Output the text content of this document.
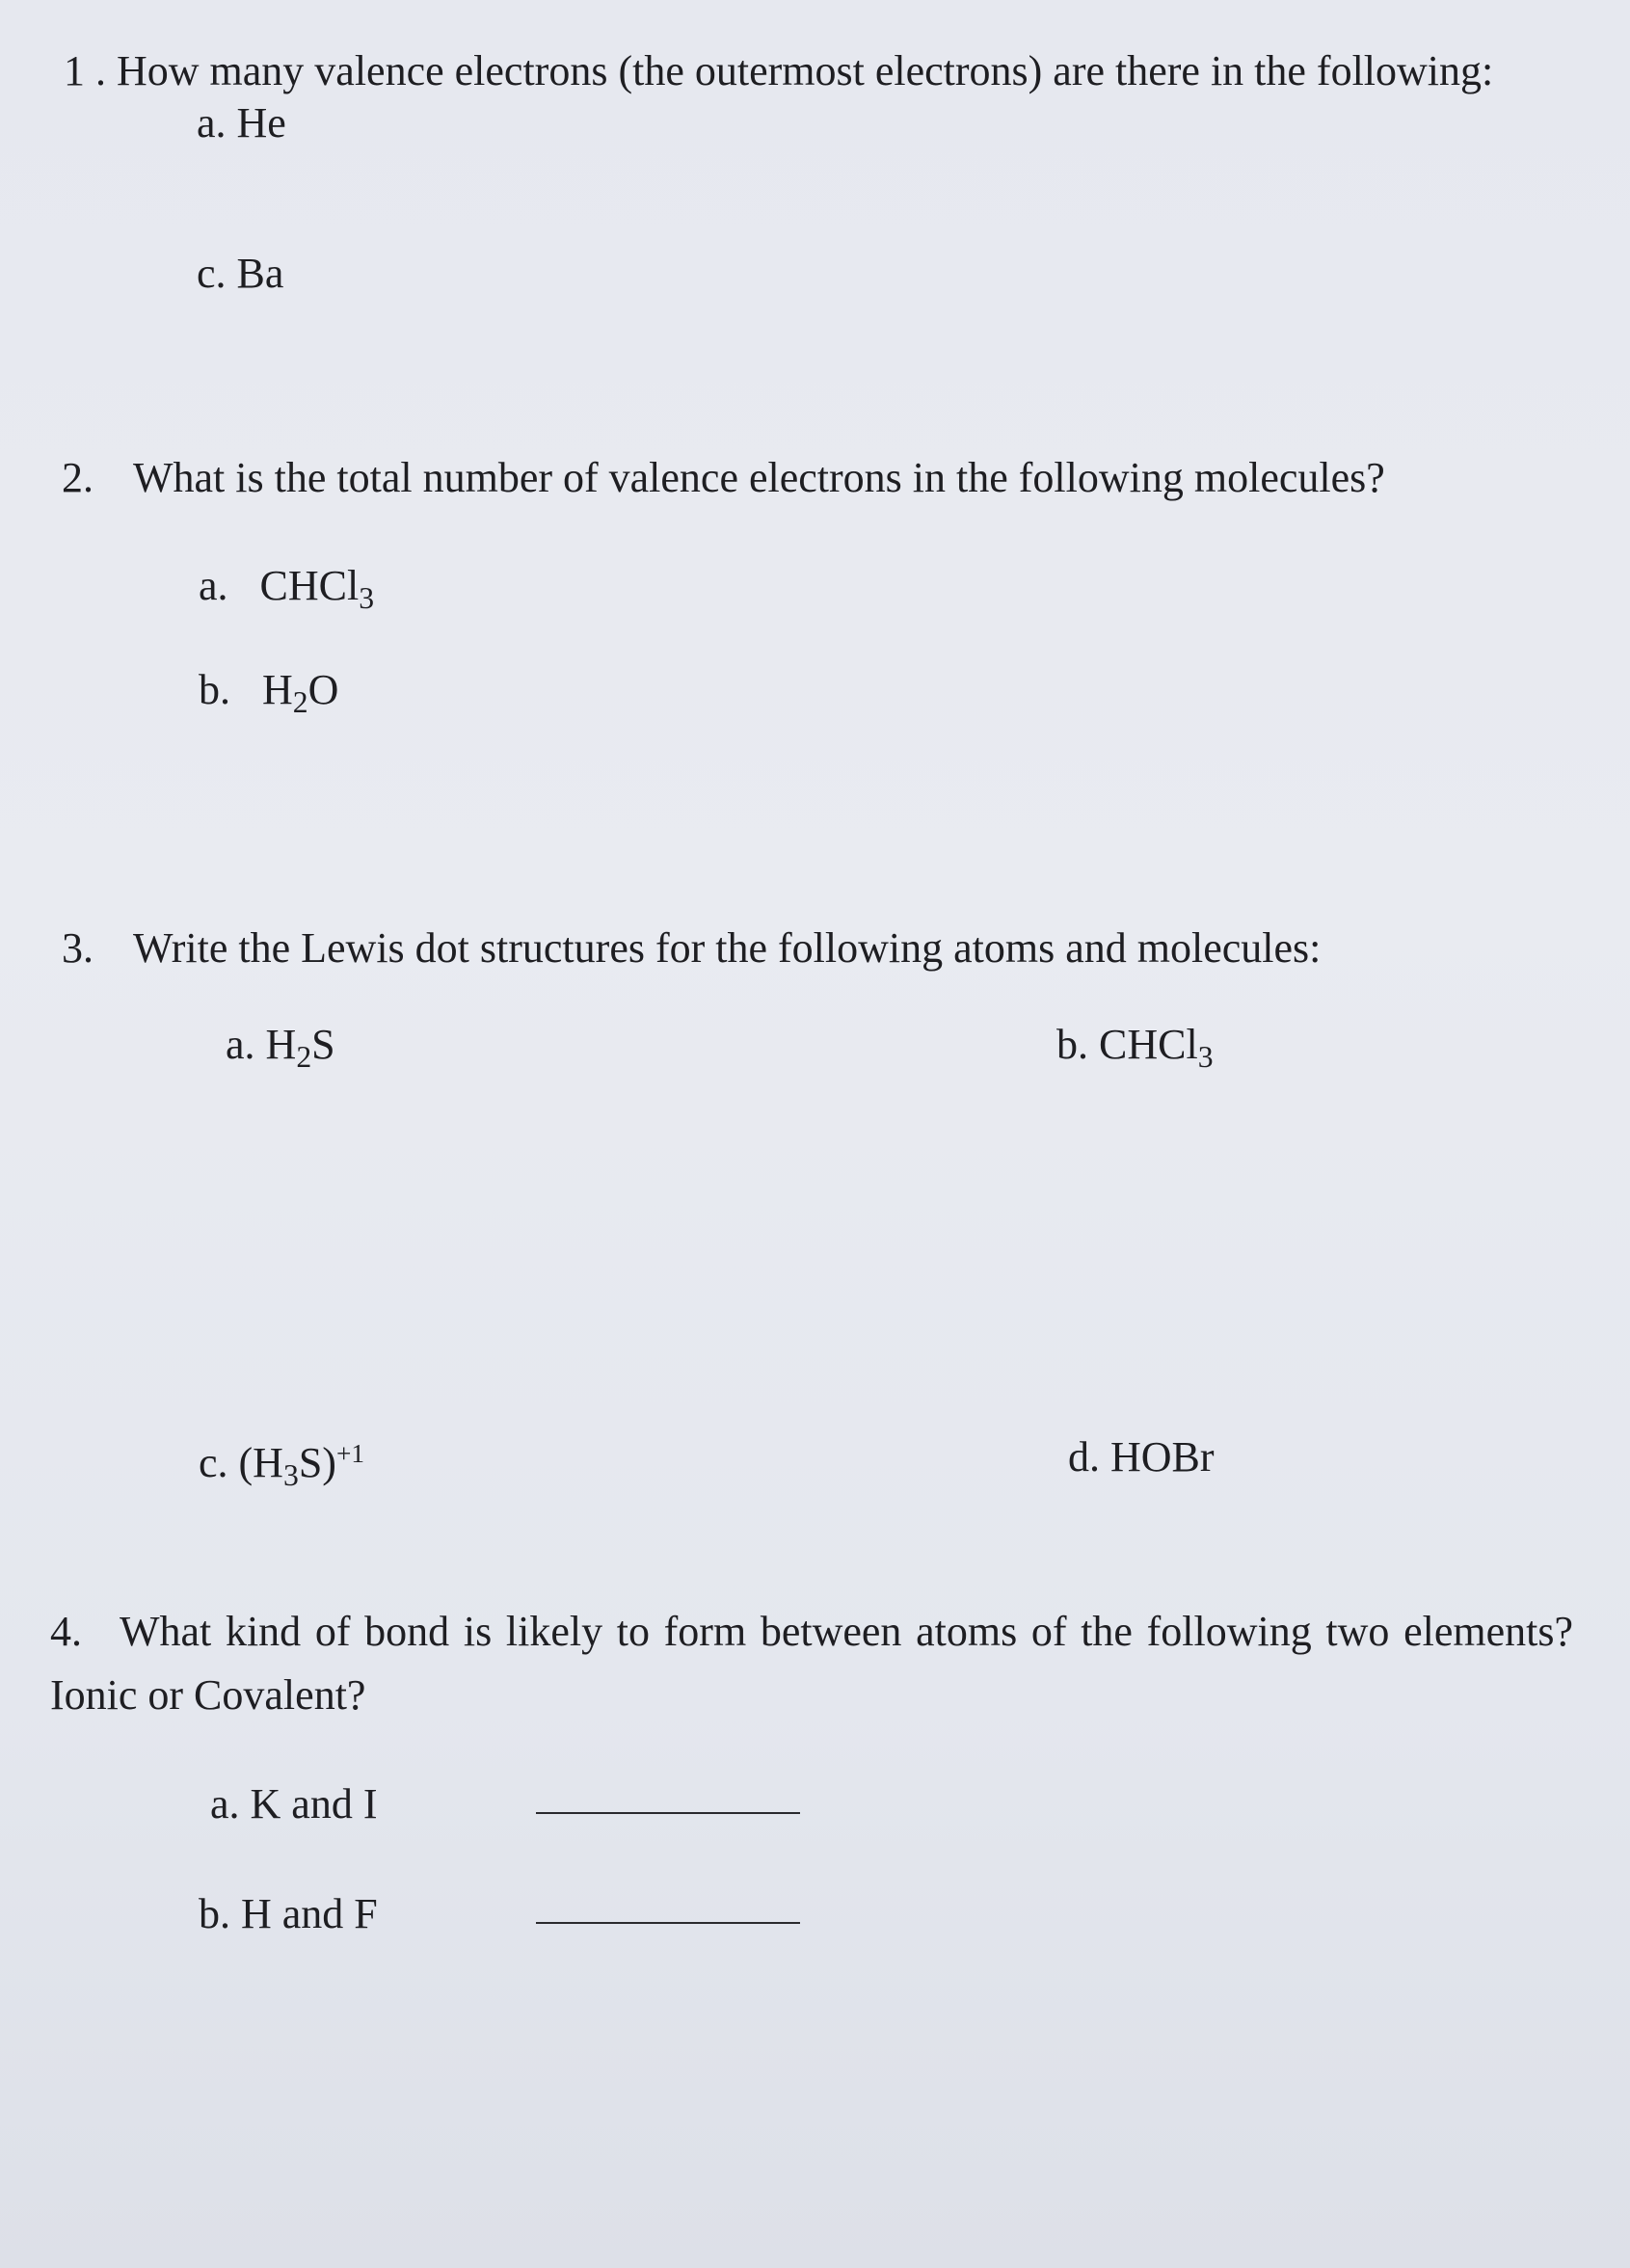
1 . How many valence electrons (the outermost electrons) are there in the following:
a. He
c. Ba
2. What is the total number of valence electrons in the following molecules?
a. CHCl$_3$
b. $H_2O$
3. Write the Lewis dot structures for the following atoms and molecules:
a. $H_2S$	b. CHCl$_3$
c. $(H_3S)^{+1}$	d. HOBr
4. What kind of bond is likely to form between atoms of the following two elements? Ionic or Covalent?
a. K and I
b. H and F
